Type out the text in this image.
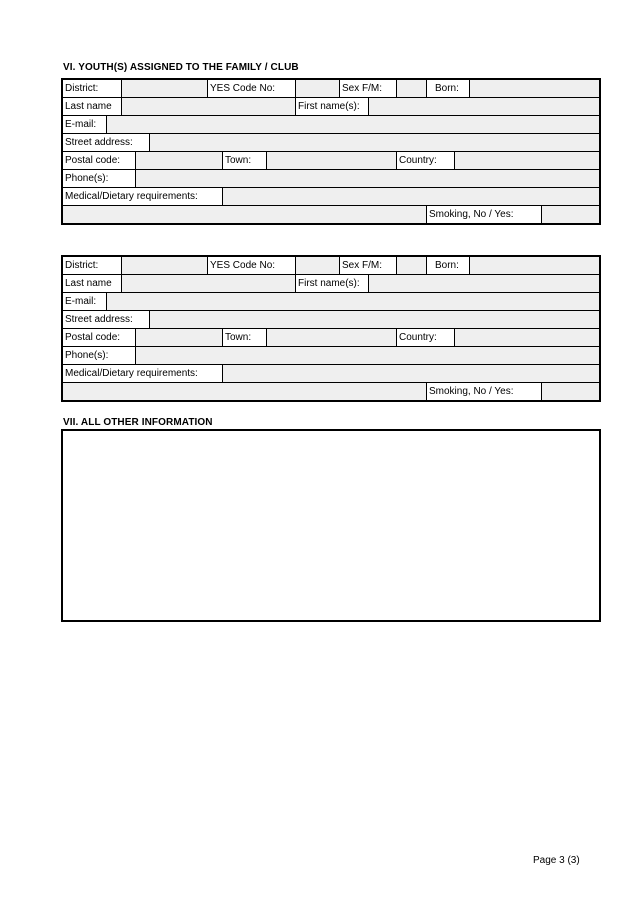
VI. YOUTH(S) ASSIGNED TO THE FAMILY / CLUB
District:	YES Code No:	Sex F/M:	Born:
Last name	First name(s):
E-mail:
Street address:
Postal code:	Town:	Country:
Phone(s):
Medical/Dietary requirements:
Smoking, No / Yes:
District:	YES Code No:	Sex F/M:	Born:
Last name	First name(s):
E-mail:
Street address:
Postal code:	Town:	Country:
Phone(s):
Medical/Dietary requirements:
Smoking, No / Yes:
VII. ALL OTHER INFORMATION
Page 3 (3)
